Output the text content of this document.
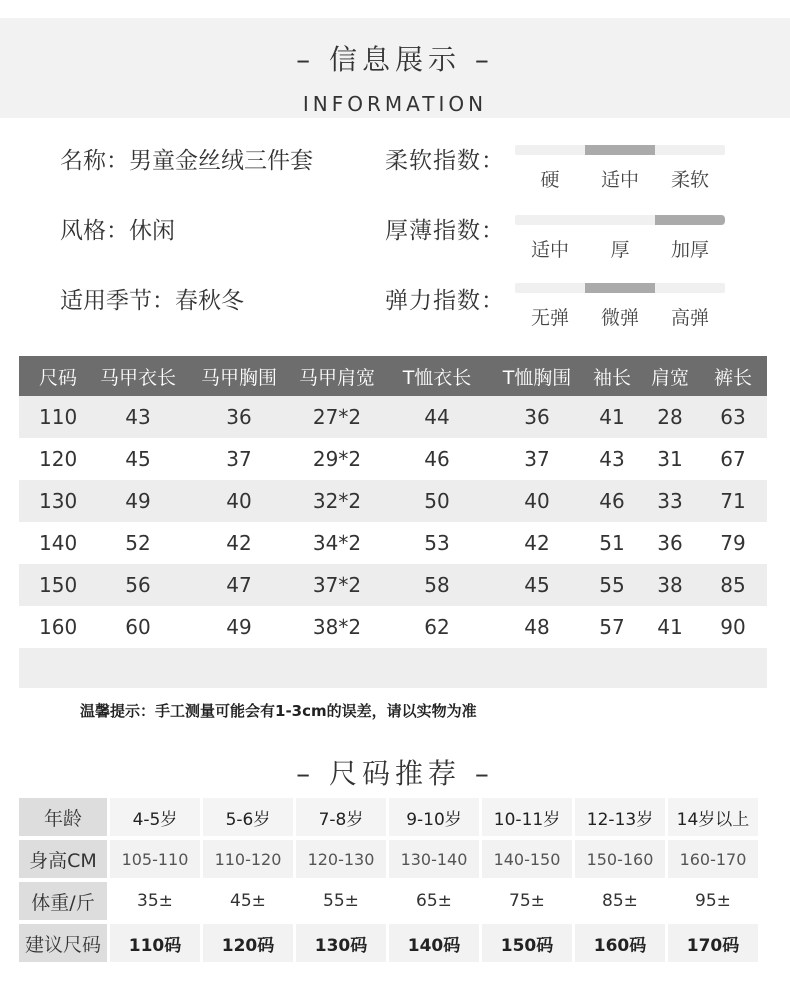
– 信息展示 –
INFORMATION
名称：男童金丝绒三件套
风格：休闲
适用季节：春秋冬
柔软指数：
硬	适中	柔软
厚薄指数：
适中	厚	加厚
弹力指数：
无弹	微弹	高弹
尺码	马甲衣长	马甲胸围	马甲肩宽	T恤衣长	T恤胸围	袖长	肩宽	裤长
110	43	36	27*2	44	36	41	28	63
120	45	37	29*2	46	37	43	31	67
130	49	40	32*2	50	40	46	33	71
140	52	42	34*2	53	42	51	36	79
150	56	47	37*2	58	45	55	38	85
160	60	49	38*2	62	48	57	41	90
温馨提示：手工测量可能会有1-3cm的误差，请以实物为准
– 尺码推荐 –
年龄	4-5岁	5-6岁	7-8岁	9-10岁	10-11岁	12-13岁	14岁以上
身高CM	105-110	110-120	120-130	130-140	140-150	150-160	160-170
体重/斤	35±	45±	55±	65±	75±	85±	95±
建议尺码	110码	120码	130码	140码	150码	160码	170码
